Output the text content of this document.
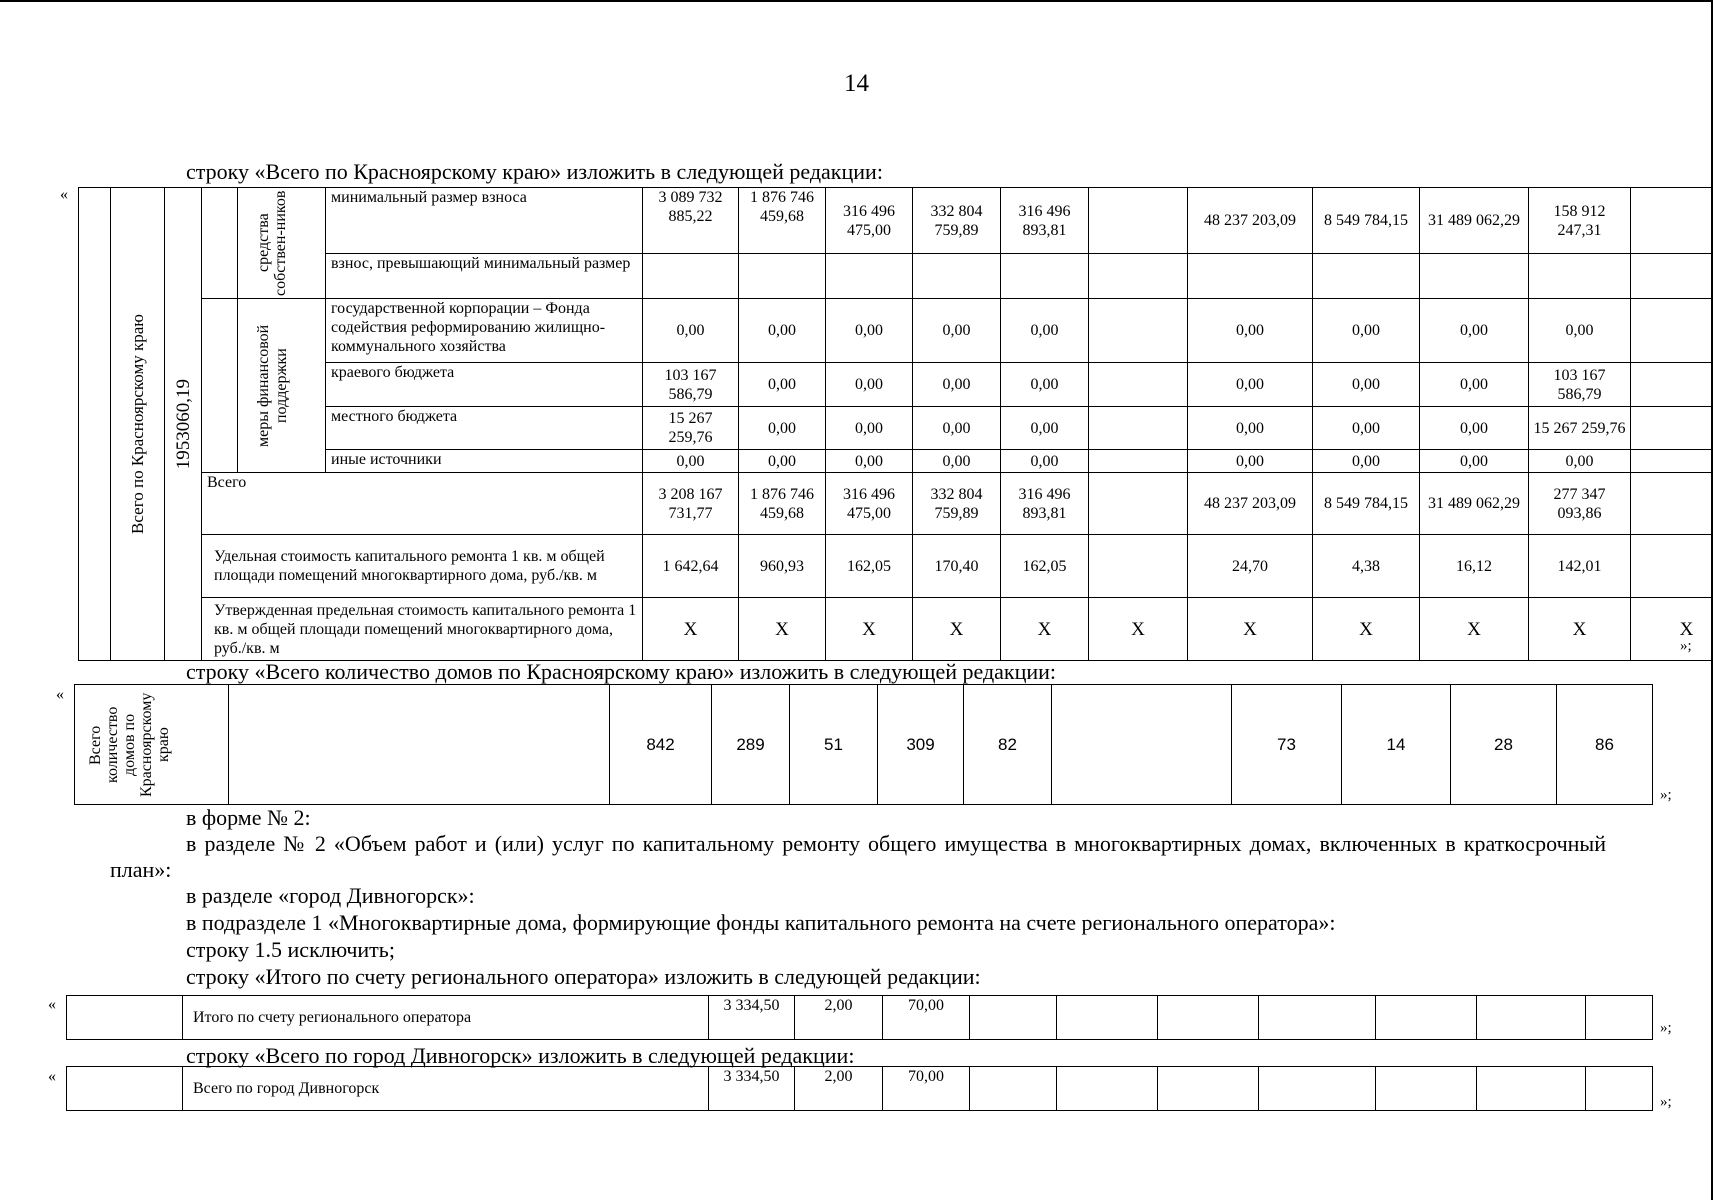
14
строку «Всего по Красноярскому краю» изложить в следующей редакции:
«

	Всего по Красноярскому краю	1953060,19		средства собствен-ников	минимальный размер взноса	3 089 732 885,22	1 876 746 459,68	316 496 475,00	332 804 759,89	316 496 893,81		48 237 203,09	8 549 784,15	31 489 062,29	158 912 247,31	
					взнос, превышающий минимальный размер											

				меры финансовой поддержки	государственной корпорации – Фонда содействия реформированию жилищно-коммунального хозяйства	0,00	0,00	0,00	0,00	0,00		0,00	0,00	0,00	0,00	
					краевого бюджета	103 167 586,79	0,00	0,00	0,00	0,00		0,00	0,00	0,00	103 167 586,79	
					местного бюджета	15 267 259,76	0,00	0,00	0,00	0,00		0,00	0,00	0,00	15 267 259,76	
					иные источники	0,00	0,00	0,00	0,00	0,00		0,00	0,00	0,00	0,00	
			Всего			3 208 167 731,77	1 876 746 459,68	316 496 475,00	332 804 759,89	316 496 893,81		48 237 203,09	8 549 784,15	31 489 062,29	277 347 093,86	
			Удельная стоимость капитального ремонта 1 кв. м общей площади помещений многоквартирного дома, руб./кв. м			1 642,64	960,93	162,05	170,40	162,05		24,70	4,38	16,12	142,01	
			Утвержденная предельная стоимость капитального ремонта 1 кв. м общей площади помещений многоквартирного дома, руб./кв. м			X	X	X	X	X	X	X	X	X	X	X
»;
строку «Всего количество домов по Красноярскому краю» изложить в следующей редакции:
«
Всего количество домов по Красноярскому краю		842	289	51	309	82		73	14	28	86
»;
в форме № 2:
в разделе № 2 «Объем работ и (или) услуг по капитальному ремонту общего имущества в многоквартирных домах, включенных в краткосрочный план»:
в разделе «город Дивногорск»:
в подразделе 1 «Многоквартирные дома, формирующие фонды капитального ремонта на счете регионального оператора»:
строку 1.5 исключить;
строку «Итого по счету регионального оператора» изложить в следующей редакции:
«
	Итого по счету регионального оператора	3 334,50	2,00	70,00							
»;
строку «Всего по город Дивногорск» изложить в следующей редакции:
«
	Всего по город Дивногорск	3 334,50	2,00	70,00							
»;
